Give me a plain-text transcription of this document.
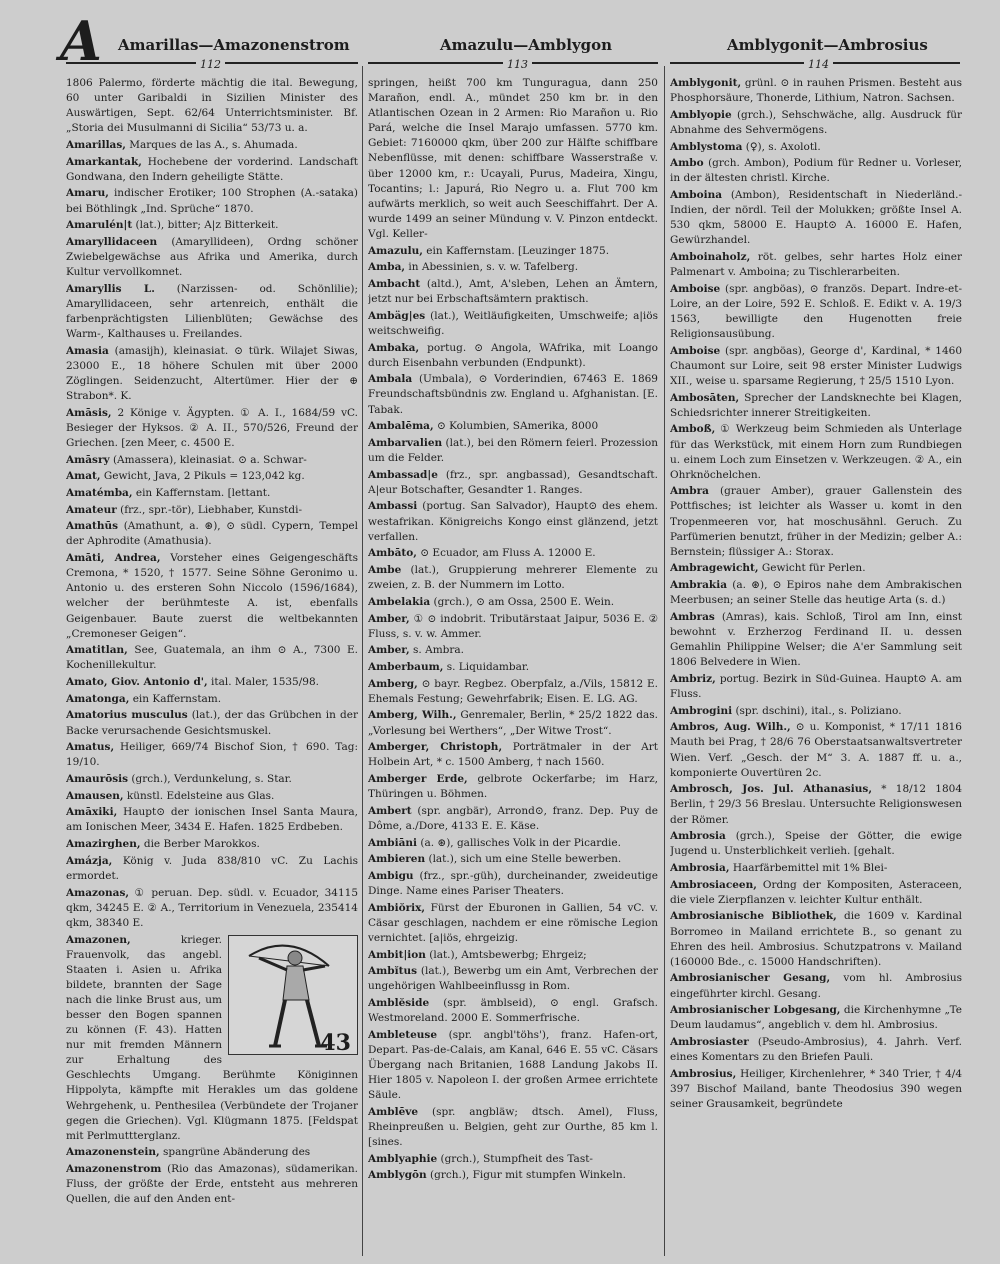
A Amarillas—Amazonenstrom	Amazulu—Amblygon	Amblygonit—Ambrosius
112	113	114
1806 Palermo, förderte mächtig die ital. Bewegung, 60 unter Garibaldi in Sizilien Minister des Auswärtigen, Sept. 62/64 Unterrichtsminister. Bf. „Storia dei Musulmanni di Sicilia“ 53/73 u. a.
Amarillas, Marques de las A., s. Ahumada.
Amarkantak, Hochebene der vorderind. Landschaft Gondwana, den Indern geheiligte Stätte.
Amaru, indischer Erotiker; 100 Strophen (A.-sataka) bei Böthlingk „Ind. Sprüche“ 1870.
Amarulén|t (lat.), bitter; A|z Bitterkeit.
Amaryllidaceen (Amaryllideen), Ordng schöner Zwiebelgewächse aus Afrika und Amerika, durch Kultur vervollkomnet.
Amaryllis L. (Narzissen- od. Schönlilie); Amaryllidaceen, sehr artenreich, enthält die farbenprächtigsten Lilienblüten; Gewächse des Warm-, Kalthauses u. Freilandes.
Amasia (amasijh), kleinasiat. ⊙ türk. Wilajet Siwas, 23000 E., 18 höhere Schulen mit über 2000 Zöglingen. Seidenzucht, Altertümer. Hier der ⊕ Strabon*. K.
Amāsis, 2 Könige v. Ägypten. ① A. I., 1684/59 vC. Besieger der Hyksos. ② A. II., 570/526, Freund der Griechen. [zen Meer, c. 4500 E.
Amāsry (Amassera), kleinasiat. ⊙ a. Schwar-
Amat, Gewicht, Java, 2 Pikuls = 123,042 kg.
Amatémba, ein Kaffernstam. [lettant.
Amateur (frz., spr.-tör), Liebhaber, Kunstdi-
Amathūs (Amathunt, a. ⊛), ⊙ südl. Cypern, Tempel der Aphrodite (Amathusia).
Amāti, Andrea, Vorsteher eines Geigengeschäfts Cremona, * 1520, † 1577. Seine Söhne Geronimo u. Antonio u. des ersteren Sohn Niccolo (1596/1684), welcher der berühmteste A. ist, ebenfalls Geigenbauer. Baute zuerst die weltbekannten „Cremoneser Geigen“.
Amatitlan, See, Guatemala, an ihm ⊙ A., 7300 E. Kochenillekultur.
Amato, Giov. Antonio d', ital. Maler, 1535/98.
Amatonga, ein Kaffernstam.
Amatorius musculus (lat.), der das Grübchen in der Backe verursachende Gesichtsmuskel.
Amatus, Heiliger, 669/74 Bischof Sion, † 690. Tag: 19/10.
Amaurōsis (grch.), Verdunkelung, s. Star.
Amausen, künstl. Edelsteine aus Glas.
Amāxiki, Haupt⊙ der ionischen Insel Santa Maura, am Ionischen Meer, 3434 E. Hafen. 1825 Erdbeben.
Amazirghen, die Berber Marokkos.
Amázja, König v. Juda 838/810 vC. Zu Lachis ermordet.
Amazonas, ① peruan. Dep. südl. v. Ecuador, 34115 qkm, 34245 E. ② A., Territorium in Venezuela, 235414 qkm, 38340 E.
43
Amazonen,	krieger. Frauenvolk, das angebl. Staaten i. Asien u. Afrika bildete, brannten der Sage nach die linke Brust aus, um besser den Bogen spannen zu können (F. 43). Hatten nur mit fremden Männern zur Erhaltung des Geschlechts Umgang. Berühmte Königinnen Hippolyta, kämpfte mit Herakles um das goldene Wehrgehenk, u. Penthesilea (Verbündete der Trojaner gegen die Griechen). Vgl. Klügmann 1875. [Feldspat mit Perlmuttterglanz.
Amazonenstein, spangrüne Abänderung des
Amazonenstrom (Rio das Amazonas), südamerikan. Fluss, der größte der Erde, entsteht aus mehreren Quellen, die auf den Anden ent-
springen, heißt 700 km Tunguragua, dann 250 Marañon, endl. A., mündet 250 km br. in den Atlantischen Ozean in 2 Armen: Rio Marañon u. Rio Pará, welche die Insel Marajo umfassen. 5770 km. Gebiet: 7160000 qkm, über 200 zur Hälfte schiffbare Nebenflüsse, mit denen: schiffbare Wasserstraße v. über 12000 km, r.: Ucayali, Purus, Madeira, Xingu, Tocantins; l.: Japurá, Rio Negro u. a. Flut 700 km aufwärts merklich, so weit auch Seeschiffahrt. Der A. wurde 1499 an seiner Mündung v. V. Pinzon entdeckt. Vgl. Keller-
Amazulu, ein Kaffernstam. [Leuzinger 1875.
Amba, in Abessinien, s. v. w. Tafelberg.
Ambacht (altd.), Amt, A'sleben, Lehen an Ämtern, jetzt nur bei Erbschaftsämtern praktisch.
Ambäg|es (lat.), Weitläufigkeiten, Umschweife; a|iös weitschweifig.
Ambaka, portug. ⊙ Angola, WAfrika, mit Loango durch Eisenbahn verbunden (Endpunkt).
Ambala (Umbala), ⊙ Vorderindien, 67463 E. 1869 Freundschaftsbündnis zw. England u. Afghanistan. [E. Tabak.
Ambalēma, ⊙ Kolumbien, SAmerika, 8000
Ambarvalien (lat.), bei den Römern feierl. Prozession um die Felder.
Ambassad|e (frz., spr. angbassad), Gesandtschaft. A|eur Botschafter, Gesandter 1. Ranges.
Ambassi (portug. San Salvador), Haupt⊙ des ehem. westafrikan. Königreichs Kongo einst glänzend, jetzt verfallen.
Ambāto, ⊙ Ecuador, am Fluss A. 12000 E.
Ambe (lat.), Gruppierung mehrerer Elemente zu zweien, z. B. der Nummern im Lotto.
Ambelakia (grch.), ⊙ am Ossa, 2500 E. Wein.
Amber, ① ⊙ indobrit. Tributärstaat Jaipur, 5036 E. ② Fluss, s. v. w. Ammer.
Amber, s. Ambra.
Amberbaum, s. Liquidambar.
Amberg, ⊙ bayr. Regbez. Oberpfalz, a./Vils, 15812 E. Ehemals Festung; Gewehrfabrik; Eisen. E. LG. AG.
Amberg, Wilh., Genremaler, Berlin, * 25/2 1822 das. „Vorlesung bei Werthers“, „Der Witwe Trost“.
Amberger, Christoph, Porträtmaler in der Art Holbein Art, * c. 1500 Amberg, † nach 1560.
Amberger Erde, gelbrote Ockerfarbe; im Harz, Thüringen u. Böhmen.
Ambert (spr. angbär), Arrond⊙, franz. Dep. Puy de Dôme, a./Dore, 4133 E. E. Käse.
Ambiāni (a. ⊛), gallisches Volk in der Picardie.
Ambieren (lat.), sich um eine Stelle bewerben.
Ambigu (frz., spr.-güh), durcheinander, zweideutige Dinge. Name eines Pariser Theaters.
Ambiŏrix, Fürst der Eburonen in Gallien, 54 vC. v. Cäsar geschlagen, nachdem er eine römische Legion vernichtet. [a|iös, ehrgeizig.
Ambit|ion (lat.), Amtsbewerbg; Ehrgeiz;
Ambĭtus (lat.), Bewerbg um ein Amt, Verbrechen der ungehörigen Wahlbeeinflussg in Rom.
Amblĕside (spr. ämblseid), ⊙ engl. Grafsch. Westmoreland. 2000 E. Sommerfrische.
Ambleteuse (spr. angbl'töhs'), franz. Hafen-ort, Depart. Pas-de-Calais, am Kanal, 646 E. 55 vC. Cäsars Übergang nach Britanien, 1688 Landung Jakobs II. Hier 1805 v. Napoleon I. der großen Armee errichtete Säule.
Amblēve (spr. angbläw; dtsch. Amel), Fluss, Rheinpreußen u. Belgien, geht zur Ourthe, 85 km l. [sines.
Amblyaphie (grch.), Stumpfheit des Tast-
Amblygōn (grch.), Figur mit stumpfen Winkeln.
Amblygonit, grünl. ⊙ in rauhen Prismen. Besteht aus Phosphorsäure, Thonerde, Lithium, Natron. Sachsen.
Amblyopie (grch.), Sehschwäche, allg. Ausdruck für Abnahme des Sehvermögens.
Amblystoma (♀), s. Axolotl.
Ambo (grch. Ambon), Podium für Redner u. Vorleser, in der ältesten christl. Kirche.
Amboina (Ambon), Residentschaft in Niederländ.-Indien, der nördl. Teil der Molukken; größte Insel A. 530 qkm, 58000 E. Haupt⊙ A. 16000 E. Hafen, Gewürzhandel.
Amboinaholz, röt. gelbes, sehr hartes Holz einer Palmenart v. Amboina; zu Tischlerarbeiten.
Amboise (spr. angböas), ⊙ französ. Depart. Indre-et-Loire, an der Loire, 592 E. Schloß. E. Edikt v. A. 19/3 1563, bewilligte den Hugenotten freie Religionsausübung.
Amboise (spr. angböas), George d', Kardinal, * 1460 Chaumont sur Loire, seit 98 erster Minister Ludwigs XII., weise u. sparsame Regierung, † 25/5 1510 Lyon.
Ambosāten, Sprecher der Landsknechte bei Klagen, Schiedsrichter innerer Streitigkeiten.
Amboß, ① Werkzeug beim Schmieden als Unterlage für das Werkstück, mit einem Horn zum Rundbiegen u. einem Loch zum Einsetzen v. Werkzeugen. ② A., ein Ohrknöchelchen.
Ambra (grauer Amber), grauer Gallenstein des Pottfisches; ist leichter als Wasser u. komt in den Tropenmeeren vor, hat moschusähnl. Geruch. Zu Parfümerien benutzt, früher in der Medizin; gelber A.: Bernstein; flüssiger A.: Storax.
Ambragewicht, Gewicht für Perlen.
Ambrakia (a. ⊛), ⊙ Epiros nahe dem Ambrakischen Meerbusen; an seiner Stelle das heutige Arta (s. d.)
Ambras (Amras), kais. Schloß, Tirol am Inn, einst bewohnt v. Erzherzog Ferdinand II. u. dessen Gemahlin Philippine Welser; die A'er Sammlung seit 1806 Belvedere in Wien.
Ambriz, portug. Bezirk in Süd-Guinea. Haupt⊙ A. am Fluss.
Ambrogini (spr. dschini), ital., s. Poliziano.
Ambros, Aug. Wilh., ⊙ u. Komponist, * 17/11 1816 Mauth bei Prag, † 28/6 76 Oberstaatsanwaltsvertreter Wien. Verf. „Gesch. der M“ 3. A. 1887 ff. u. a., komponierte Ouvertüren 2c.
Ambrosch, Jos. Jul. Athanasius, * 18/12 1804 Berlin, † 29/3 56 Breslau. Untersuchte Religionswesen der Römer.
Ambrosia (grch.), Speise der Götter, die ewige Jugend u. Unsterblichkeit verlieh. [gehalt.
Ambrosia, Haarfärbemittel mit 1% Blei-
Ambrosiaceen, Ordng der Kompositen, Asteraceen, die viele Zierpflanzen v. leichter Kultur enthält.
Ambrosianische Bibliothek, die 1609 v. Kardinal Borromeo in Mailand errichtete B., so genant zu Ehren des heil. Ambrosius. Schutzpatrons v. Mailand (160000 Bde., c. 15000 Handschriften).
Ambrosianischer Gesang, vom hl. Ambrosius eingeführter kirchl. Gesang.
Ambrosianischer Lobgesang, die Kirchenhymne „Te Deum laudamus“, angeblich v. dem hl. Ambrosius.
Ambrosiaster (Pseudo-Ambrosius), 4. Jahrh. Verf. eines Komentars zu den Briefen Pauli.
Ambrosius, Heiliger, Kirchenlehrer, * 340 Trier, † 4/4 397 Bischof Mailand, bante Theodosius 390 wegen seiner Grausamkeit, begründete
